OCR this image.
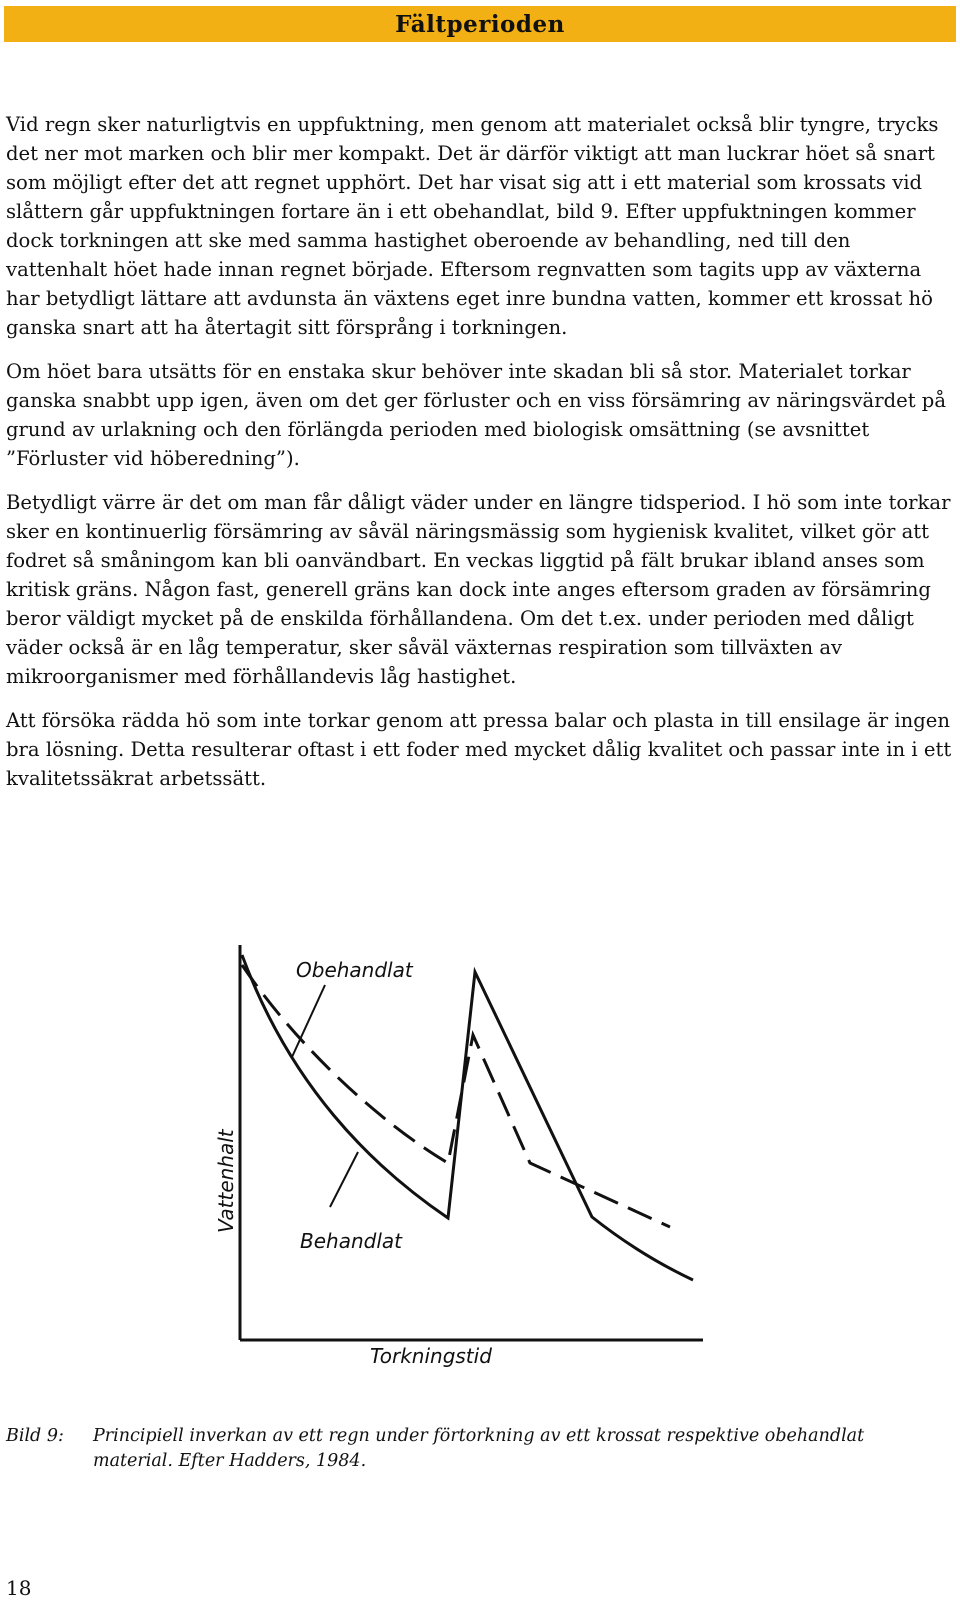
Fältperioden

Vid regn sker naturligtvis en uppfuktning, men genom att materialet också blir tyngre, trycks det ner mot marken och blir mer kompakt. Det är därför viktigt att man luckrar höet så snart som möjligt efter det att regnet upphört. Det har visat sig att i ett material som krossats vid slåttern går uppfuktningen fortare än i ett obehandlat, bild 9. Efter uppfuktningen kommer dock torkningen att ske med samma hastighet oberoende av behandling, ned till den vattenhalt höet hade innan regnet började. Eftersom regnvatten som tagits upp av växterna har betydligt lättare att avdunsta än växtens eget inre bundna vatten, kommer ett krossat hö ganska snart att ha återtagit sitt försprång i torkningen.

Om höet bara utsätts för en enstaka skur behöver inte skadan bli så stor. Materialet torkar ganska snabbt upp igen, även om det ger förluster och en viss försämring av näringsvärdet på grund av urlakning och den förlängda perioden med biologisk omsättning (se avsnittet ”Förluster vid höberedning”).

Betydligt värre är det om man får dåligt väder under en längre tidsperiod. I hö som inte torkar sker en kontinuerlig försämring av såväl näringsmässig som hygienisk kvalitet, vilket gör att fodret så småningom kan bli oanvändbart. En veckas liggtid på fält brukar ibland anses som kritisk gräns. Någon fast, generell gräns kan dock inte anges eftersom graden av försämring beror väldigt mycket på de enskilda förhållandena. Om det t.ex. under perioden med dåligt väder också är en låg temperatur, sker såväl växternas respiration som tillväxten av mikroorganismer med förhållandevis låg hastighet.

Att försöka rädda hö som inte torkar genom att pressa balar och plasta in till ensilage är ingen bra lösning. Detta resulterar oftast i ett foder med mycket dålig kvalitet och passar inte in i ett kvalitetssäkrat arbetssätt.

Obehandlat
Behandlat
Vattenhalt
Torkningstid
Bild 9:	Principiell inverkan av ett regn under förtorkning av ett krossat respektive obehandlat material. Efter Hadders, 1984.
18
